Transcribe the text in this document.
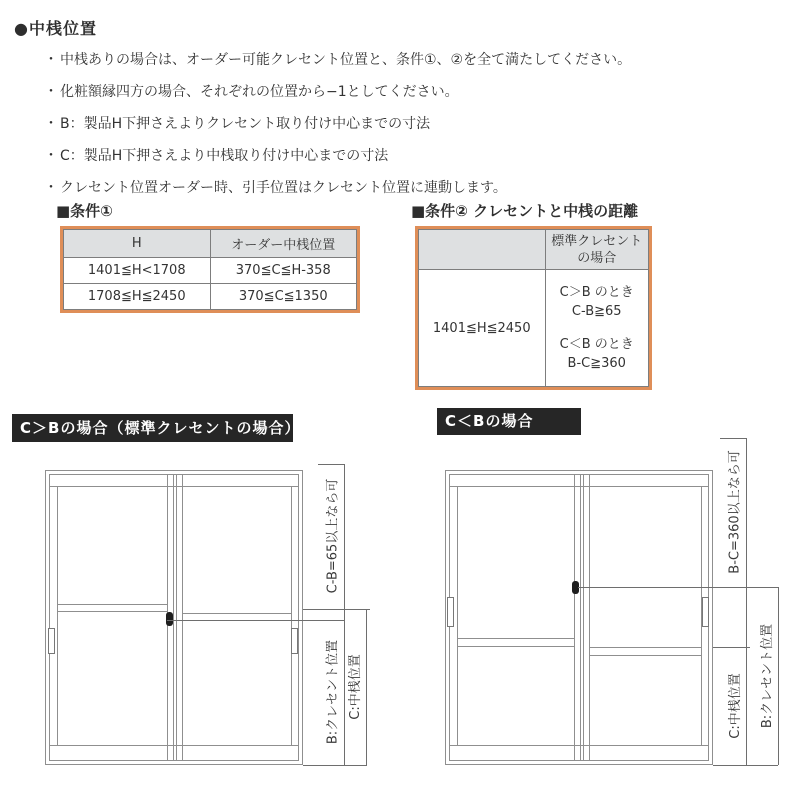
●中桟位置
・ 中桟ありの場合は、オーダー可能クレセント位置と、条件①、②を全て満たしてください。
・ 化粧額縁四方の場合、それぞれの位置から−1としてください。
・ B：製品H下押さえよりクレセント取り付け中心までの寸法
・ C：製品H下押さえより中桟取り付け中心までの寸法
・ クレセント位置オーダー時、引手位置はクレセント位置に連動します。
■条件①	■条件② クレセントと中桟の距離
H	オーダー中桟位置
1401≦H<1708	370≦C≦H-358
1708≦H≦2450	370≦C≦1350
	標準クレセントの場合
1401≦H≦2450	C＞B のとき
C-B≧65
C＜B のとき
B-C≧360
C＞Bの場合（標準クレセントの場合）	C＜Bの場合
C-B=65以上なら可
B:クレセント位置 C:中桟位置
B-C=360以上なら可
C:中桟位置 B:クレセント位置
